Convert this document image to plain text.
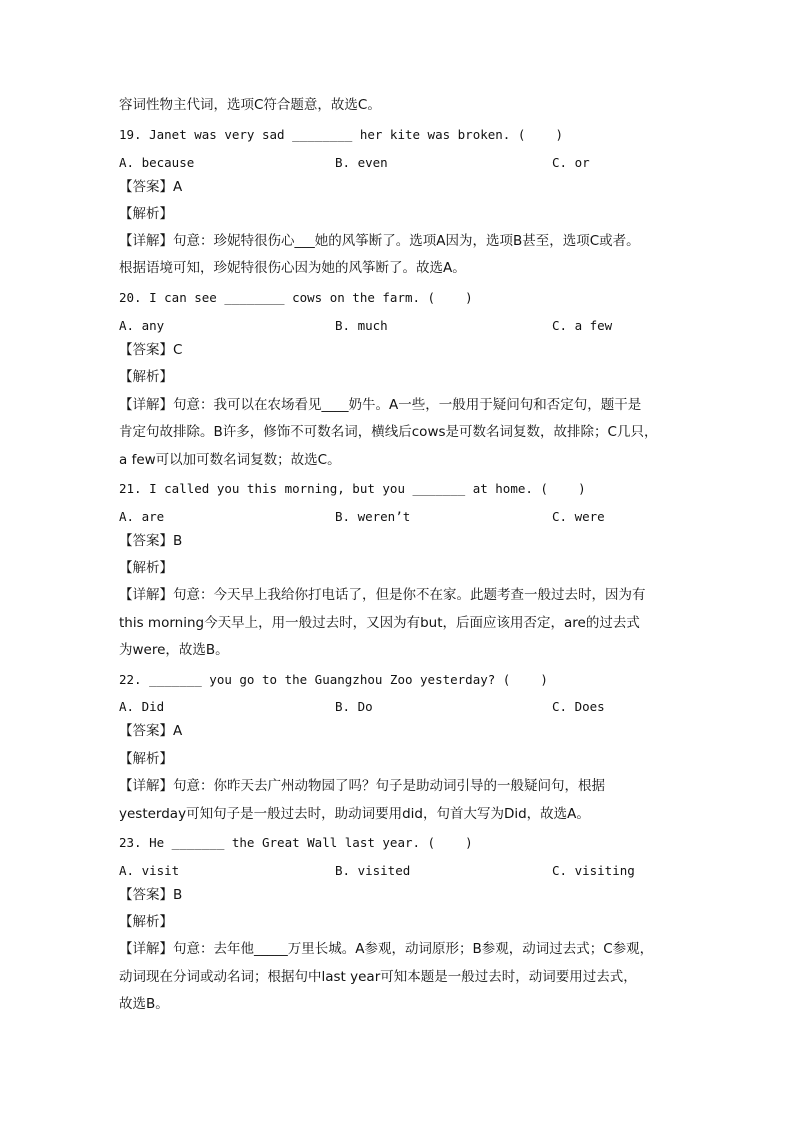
容词性物主代词，选项C符合题意，故选C。
19. Janet was very sad ________ her kite was broken. (    )
A. because	B. even	C. or
【答案】A
【解析】
【详解】句意：珍妮特很伤心___她的风筝断了。选项A因为，选项B甚至，选项C或者。
根据语境可知，珍妮特很伤心因为她的风筝断了。故选A。
20. I can see ________ cows on the farm. (    )
A. any	B. much	C. a few
【答案】C
【解析】
【详解】句意：我可以在农场看见____奶牛。A一些，一般用于疑问句和否定句，题干是
肯定句故排除。B许多，修饰不可数名词，横线后cows是可数名词复数，故排除；C几只，
a few可以加可数名词复数；故选C。
21. I called you this morning, but you _______ at home. (    )
A. are	B. weren’t	C. were
【答案】B
【解析】
【详解】句意：今天早上我给你打电话了，但是你不在家。此题考查一般过去时，因为有
this morning今天早上，用一般过去时，又因为有but，后面应该用否定，are的过去式
为were，故选B。
22. _______ you go to the Guangzhou Zoo yesterday? (    )
A. Did	B. Do	C. Does
【答案】A
【解析】
【详解】句意：你昨天去广州动物园了吗？句子是助动词引导的一般疑问句，根据
yesterday可知句子是一般过去时，助动词要用did，句首大写为Did，故选A。
23. He _______ the Great Wall last year. (    )
A. visit	B. visited	C. visiting
【答案】B
【解析】
【详解】句意：去年他_____万里长城。A参观，动词原形；B参观，动词过去式；C参观，
动词现在分词或动名词；根据句中last year可知本题是一般过去时，动词要用过去式，
故选B。
